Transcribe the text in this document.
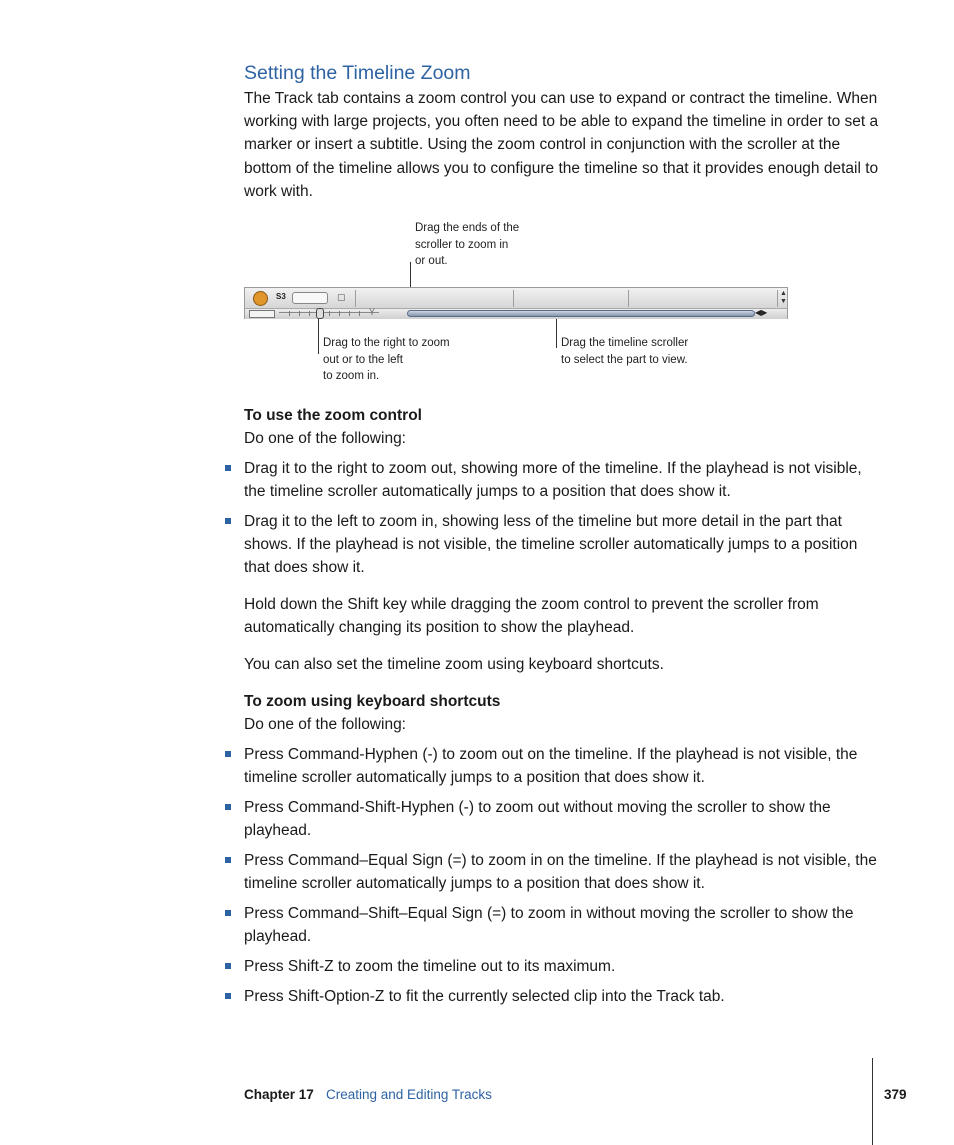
Setting the Timeline Zoom
The Track tab contains a zoom control you can use to expand or contract the timeline. When working with large projects, you often need to be able to expand the timeline in order to set a marker or insert a subtitle. Using the zoom control in conjunction with the scroller at the bottom of the timeline allows you to configure the timeline so that it provides enough detail to work with.
Drag the ends of the
scroller to zoom in
or out.
Drag to the right to zoom
out or to the left
to zoom in.
Drag the timeline scroller
to select the part to view.
S3	▢	▲
▼
Y	◀▶
To use the zoom control
Do one of the following:
Drag it to the right to zoom out, showing more of the timeline. If the playhead is not visible, the timeline scroller automatically jumps to a position that does show it.
Drag it to the left to zoom in, showing less of the timeline but more detail in the part that shows. If the playhead is not visible, the timeline scroller automatically jumps to a position that does show it.
Hold down the Shift key while dragging the zoom control to prevent the scroller from automatically changing its position to show the playhead.
You can also set the timeline zoom using keyboard shortcuts.
To zoom using keyboard shortcuts
Do one of the following:
Press Command-Hyphen (-) to zoom out on the timeline. If the playhead is not visible, the timeline scroller automatically jumps to a position that does show it.
Press Command-Shift-Hyphen (-) to zoom out without moving the scroller to show the playhead.
Press Command–Equal Sign (=) to zoom in on the timeline. If the playhead is not visible, the timeline scroller automatically jumps to a position that does show it.
Press Command–Shift–Equal Sign (=) to zoom in without moving the scroller to show the playhead.
Press Shift-Z to zoom the timeline out to its maximum.
Press Shift-Option-Z to fit the currently selected clip into the Track tab.
Chapter 17 Creating and Editing Tracks	379
